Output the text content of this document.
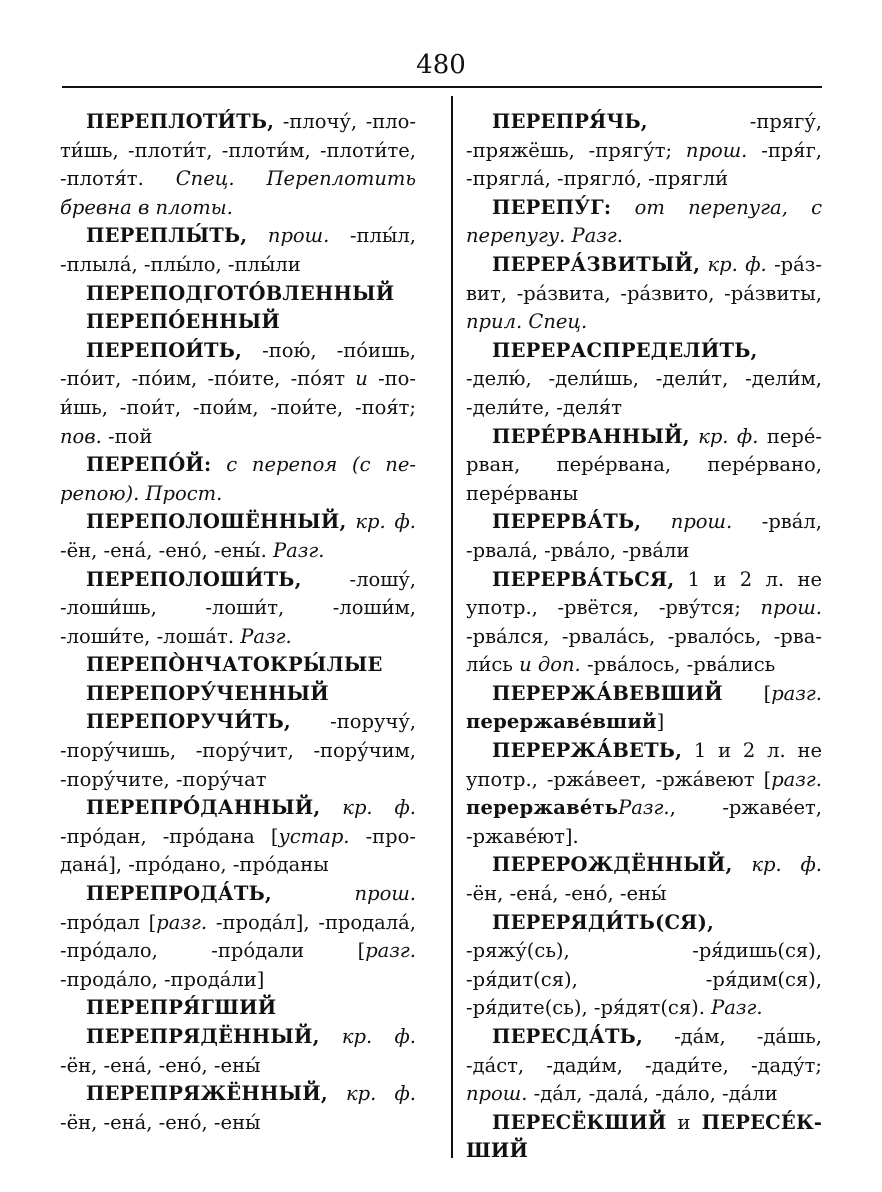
480

ПЕРЕПЛОТИ́ТЬ, -плочу́, -плоти́шь, -плоти́т, -плоти́м, -плоти́те, -плотя́т. Спец. Переплотить бревна в плоты.

ПЕРЕПЛЫ́ТЬ, прош. -плы́л, -плыла́, -плы́ло, -плы́ли

ПЕРЕПОДГОТО́ВЛЕННЫЙ

ПЕРЕПО́ЕННЫЙ

ПЕРЕПОИ́ТЬ, -пою́, -по́ишь, -по́ит, -по́им, -по́ите, -по́ят и -пои́шь, -пои́т, -пои́м, -пои́те, -поя́т; пов. -пой

ПЕРЕПО́Й: с перепоя (с перепою). Прост.

ПЕРЕПОЛОШЁННЫЙ, кр. ф. -ён, -ена́, -ено́, -ены́. Разг.

ПЕРЕПОЛОШИ́ТЬ, -лошу́, -лоши́шь, -лоши́т, -лоши́м, -лоши́те, -лоша́т. Разг.

ПЕРЕПО̀НЧАТОКРЫ́ЛЫЕ

ПЕРЕПОРУ́ЧЕННЫЙ

ПЕРЕПОРУЧИ́ТЬ, -поручу́, -пору́чишь, -пору́чит, -пору́чим, -пору́чите, -пору́чат

ПЕРЕПРО́ДАННЫЙ, кр. ф. -про́дан, -про́дана [устар. -продана́], -про́дано, -про́даны

ПЕРЕПРОДА́ТЬ,	прош. -про́дал [разг. -прода́л], -продала́, -про́дало, -про́дали [разг. -прода́ло, -прода́ли]

ПЕРЕПРЯ́ГШИЙ

ПЕРЕПРЯДЁННЫЙ, кр. ф. -ён, -ена́, -ено́, -ены́

ПЕРЕПРЯЖЁННЫЙ, кр. ф. -ён, -ена́, -ено́, -ены́

ПЕРЕПРЯ́ЧЬ, -прягу́, -пряжёшь, -прягу́т; прош. -пря́г, -прягла́, -прягло́, -прягли́

ПЕРЕПУ́Г: от перепуга, с перепугу. Разг.

ПЕРЕРА́ЗВИТЫЙ, кр. ф. -ра́звит, -ра́звита, -ра́звито, -ра́звиты, прил. Спец.

ПЕРЕРАСПРЕДЕЛИ́ТЬ, -делю́, -дели́шь, -дели́т, -дели́м, -дели́те, -деля́т

ПЕРЕ́РВАННЫЙ, кр. ф. пере́рван, пере́рвана, пере́рвано, пере́рваны

ПЕРЕРВА́ТЬ, прош. -рва́л, -рвала́, -рва́ло, -рва́ли

ПЕРЕРВА́ТЬСЯ, 1 и 2 л. не употр., -рвётся, -рву́тся; прош. -рва́лся, -рвала́сь, -рвало́сь, -рвали́сь и доп. -рва́лось, -рва́лись

ПЕРЕРЖА́ВЕВШИЙ [разг. перержаве́вший]

ПЕРЕРЖА́ВЕТЬ, 1 и 2 л. не употр., -ржа́веет, -ржа́веют [разг. перержаве́тьРазг., -ржаве́ет, -ржаве́ют].

ПЕРЕРОЖДЁННЫЙ, кр. ф. -ён, -ена́, -ено́, -ены́

ПЕРЕРЯДИ́ТЬ(СЯ), -ряжу́(сь), -ря́дишь(ся), -ря́дит(ся), -ря́дим(ся), -ря́дите(сь), -ря́дят(ся). Разг.

ПЕРЕСДА́ТЬ, -да́м, -да́шь, -да́ст, -дади́м, -дади́те, -даду́т; прош. -да́л, -дала́, -да́ло, -да́ли

ПЕРЕСЁКШИЙ и ПЕРЕСЕ́КШИЙ
